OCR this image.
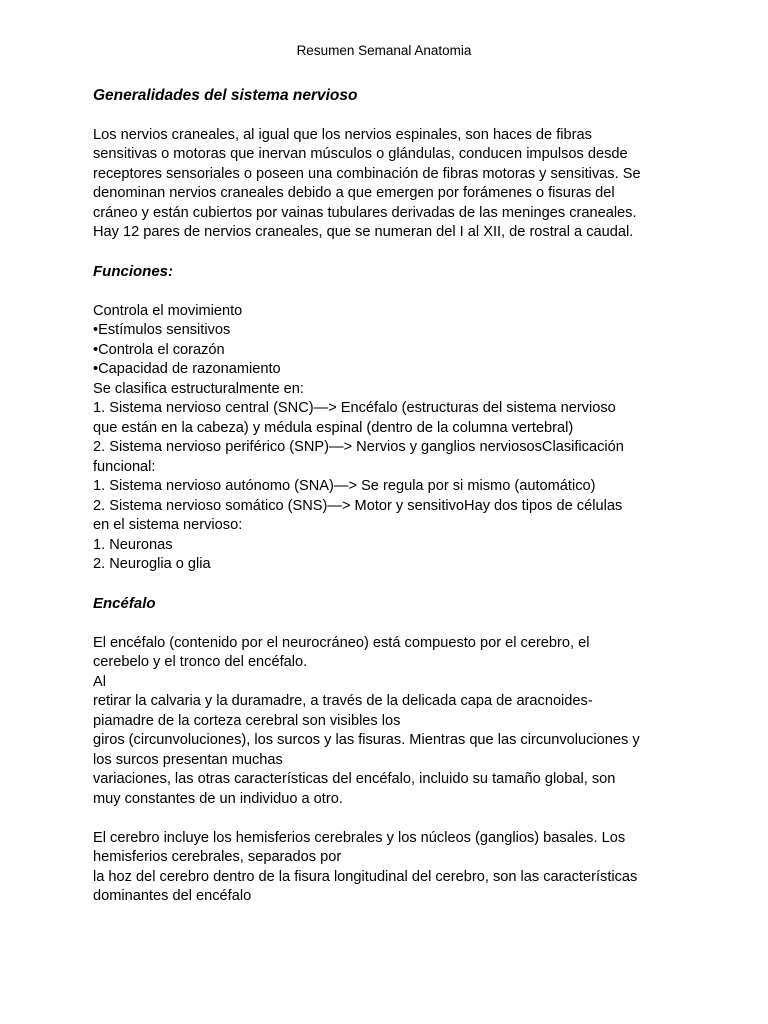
Resumen Semanal Anatomia

Generalidades del sistema nervioso

Los nervios craneales, al igual que los nervios espinales, son haces de fibras
sensitivas o motoras que inervan músculos o glándulas, conducen impulsos desde
receptores sensoriales o poseen una combinación de fibras motoras y sensitivas. Se
denominan nervios craneales debido a que emergen por forámenes o fisuras del
cráneo y están cubiertos por vainas tubulares derivadas de las meninges craneales.
Hay 12 pares de nervios craneales, que se numeran del I al XII, de rostral a caudal.

Funciones:

Controla el movimiento
•Estímulos sensitivos
•Controla el corazón
•Capacidad de razonamiento
Se clasifica estructuralmente en:
1. Sistema nervioso central (SNC)—> Encéfalo (estructuras del sistema nervioso
que están en la cabeza) y médula espinal (dentro de la columna vertebral)
2. Sistema nervioso periférico (SNP)—> Nervios y ganglios nerviososClasificación
funcional:
1. Sistema nervioso autónomo (SNA)—> Se regula por si mismo (automático)
2. Sistema nervioso somático (SNS)—> Motor y sensitivoHay dos tipos de células
en el sistema nervioso:
1. Neuronas
2. Neuroglia o glia

Encéfalo

El encéfalo (contenido por el neurocráneo) está compuesto por el cerebro, el
cerebelo y el tronco del encéfalo.
Al
retirar la calvaria y la duramadre, a través de la delicada capa de aracnoides-
piamadre de la corteza cerebral son visibles los
giros (circunvoluciones), los surcos y las fisuras. Mientras que las circunvoluciones y
los surcos presentan muchas
variaciones, las otras características del encéfalo, incluido su tamaño global, son
muy constantes de un individuo a otro.
El cerebro incluye los hemisferios cerebrales y los núcleos (ganglios) basales. Los
hemisferios cerebrales, separados por
la hoz del cerebro dentro de la fisura longitudinal del cerebro, son las características
dominantes del encéfalo
